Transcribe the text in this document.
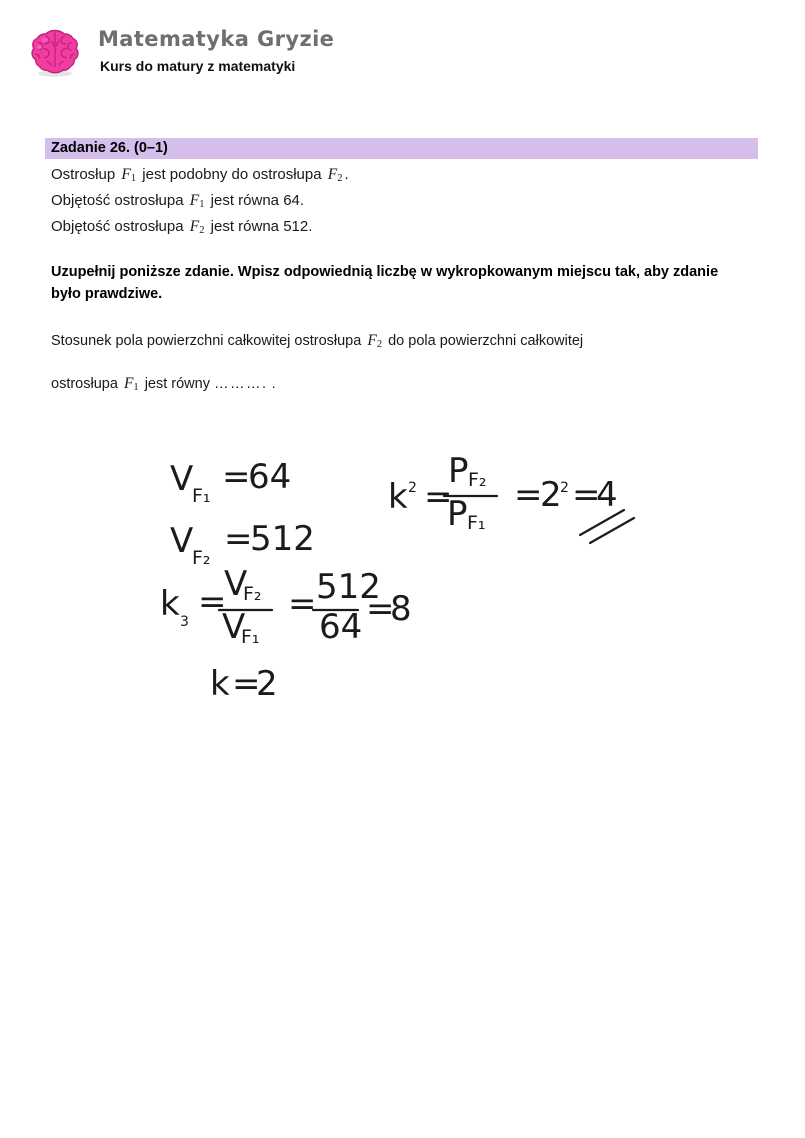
Matematyka Gryzie
Kurs do matury z matematyki
Zadanie 26. (0–1)
Ostrosłup $F_1$ jest podobny do ostrosłupa $F_2$ .
Objętość ostrosłupa $F_1$ jest równa 64.
Objętość ostrosłupa $F_2$ jest równa 512.
Uzupełnij poniższe zdanie. Wpisz odpowiednią liczbę w wykropkowanym miejscu tak, aby zdanie było prawdziwe.
Stosunek pola powierzchni całkowitej ostrosłupa $F_2$ do pola powierzchni całkowitej
ostrosłupa $F_1$ jest równy ………. .
V
F₁ =
64
V
F₂ =
512
k 2 =
P F₂
P F₁
=
2
2 =
4
k 3 =
V
F₂
V
F₁
= 512
64 =
8
k =
2
